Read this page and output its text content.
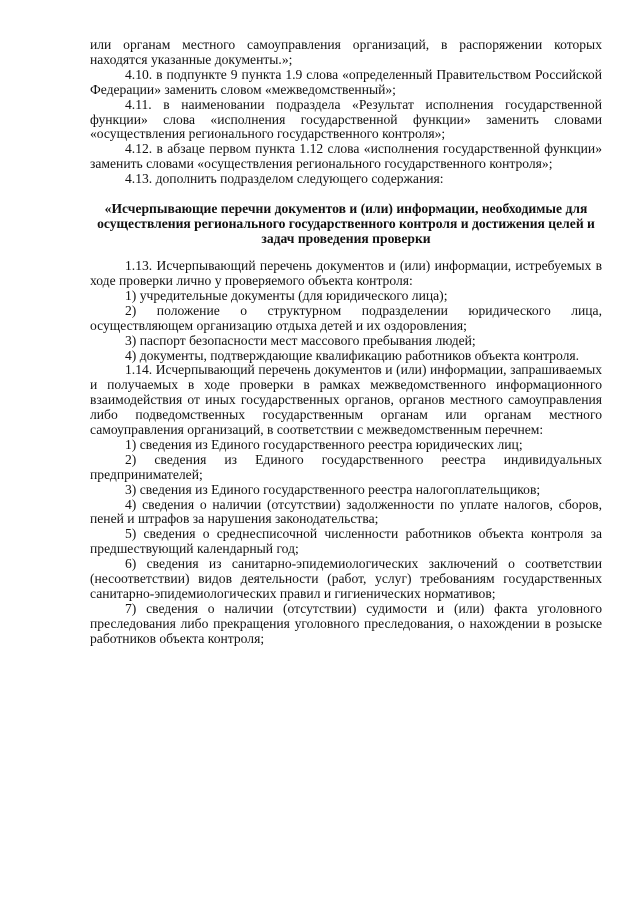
или органам местного самоуправления организаций, в распоряжении которых находятся указанные документы.»;

4.10. в подпункте 9 пункта 1.9 слова «определенный Правительством Российской Федерации» заменить словом «межведомственный»;

4.11. в наименовании подраздела «Результат исполнения государственной функции» слова «исполнения государственной функции» заменить словами «осуществления регионального государственного контроля»;

4.12. в абзаце первом пункта 1.12 слова «исполнения государственной функции» заменить словами «осуществления регионального государственного контроля»;

4.13. дополнить подразделом следующего содержания:

«Исчерпывающие перечни документов и (или) информации, необходимые для осуществления регионального государственного контроля и достижения целей и задач проведения проверки

1.13. Исчерпывающий перечень документов и (или) информации, истребуемых в ходе проверки лично у проверяемого объекта контроля:

1) учредительные документы (для юридического лица);

2) положение о структурном подразделении юридического лица, осуществляющем организацию отдыха детей и их оздоровления;

3) паспорт безопасности мест массового пребывания людей;

4) документы, подтверждающие квалификацию работников объекта контроля.

1.14. Исчерпывающий перечень документов и (или) информации, запрашиваемых и получаемых в ходе проверки в рамках межведомственного информационного взаимодействия от иных государственных органов, органов местного самоуправления либо подведомственных государственным органам или органам местного самоуправления организаций, в соответствии с межведомственным перечнем:

1) сведения из Единого государственного реестра юридических лиц;

2) сведения из Единого государственного реестра индивидуальных предпринимателей;

3) сведения из Единого государственного реестра налогоплательщиков;

4) сведения о наличии (отсутствии) задолженности по уплате налогов, сборов, пеней и штрафов за нарушения законодательства;

5) сведения о среднесписочной численности работников объекта контроля за предшествующий календарный год;

6) сведения из санитарно-эпидемиологических заключений о соответствии (несоответствии) видов деятельности (работ, услуг) требованиям государственных санитарно-эпидемиологических правил и гигиенических нормативов;

7) сведения о наличии (отсутствии) судимости и (или) факта уголовного преследования либо прекращения уголовного преследования, о нахождении в розыске работников объекта контроля;
